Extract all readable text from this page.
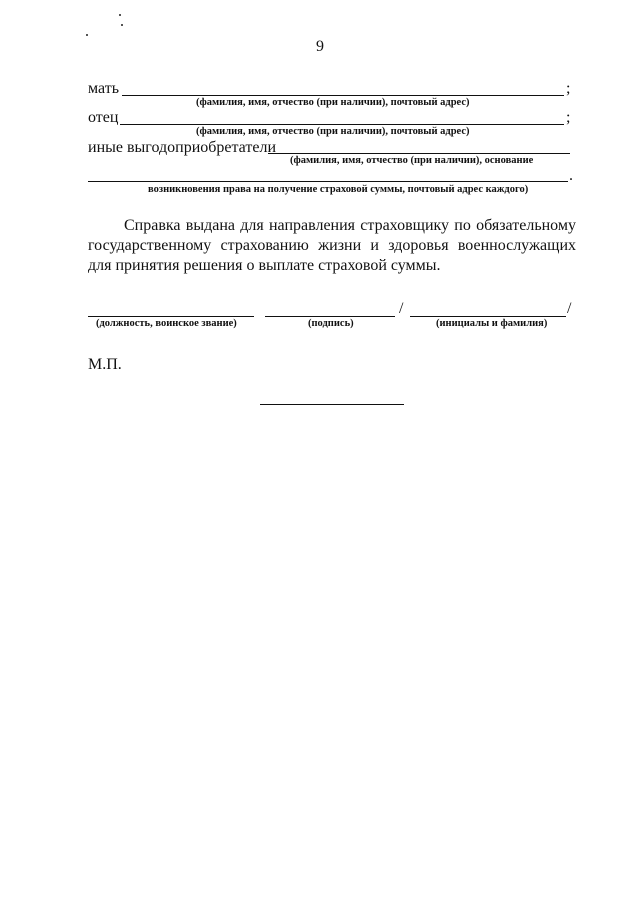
9
мать	;
(фамилия, имя, отчество (при наличии), почтовый адрес)
отец	;
(фамилия, имя, отчество (при наличии), почтовый адрес)
иные выгодоприобретатели
(фамилия, имя, отчество (при наличии), основание
.
возникновения права на получение страховой суммы, почтовый адрес каждого)
Справка выдана для направления страховщику по обязательному государственному страхованию жизни и здоровья военнослужащих для принятия решения о выплате страховой суммы.
/	/
(должность, воинское звание)	(подпись)	(инициалы и фамилия)
М.П.
